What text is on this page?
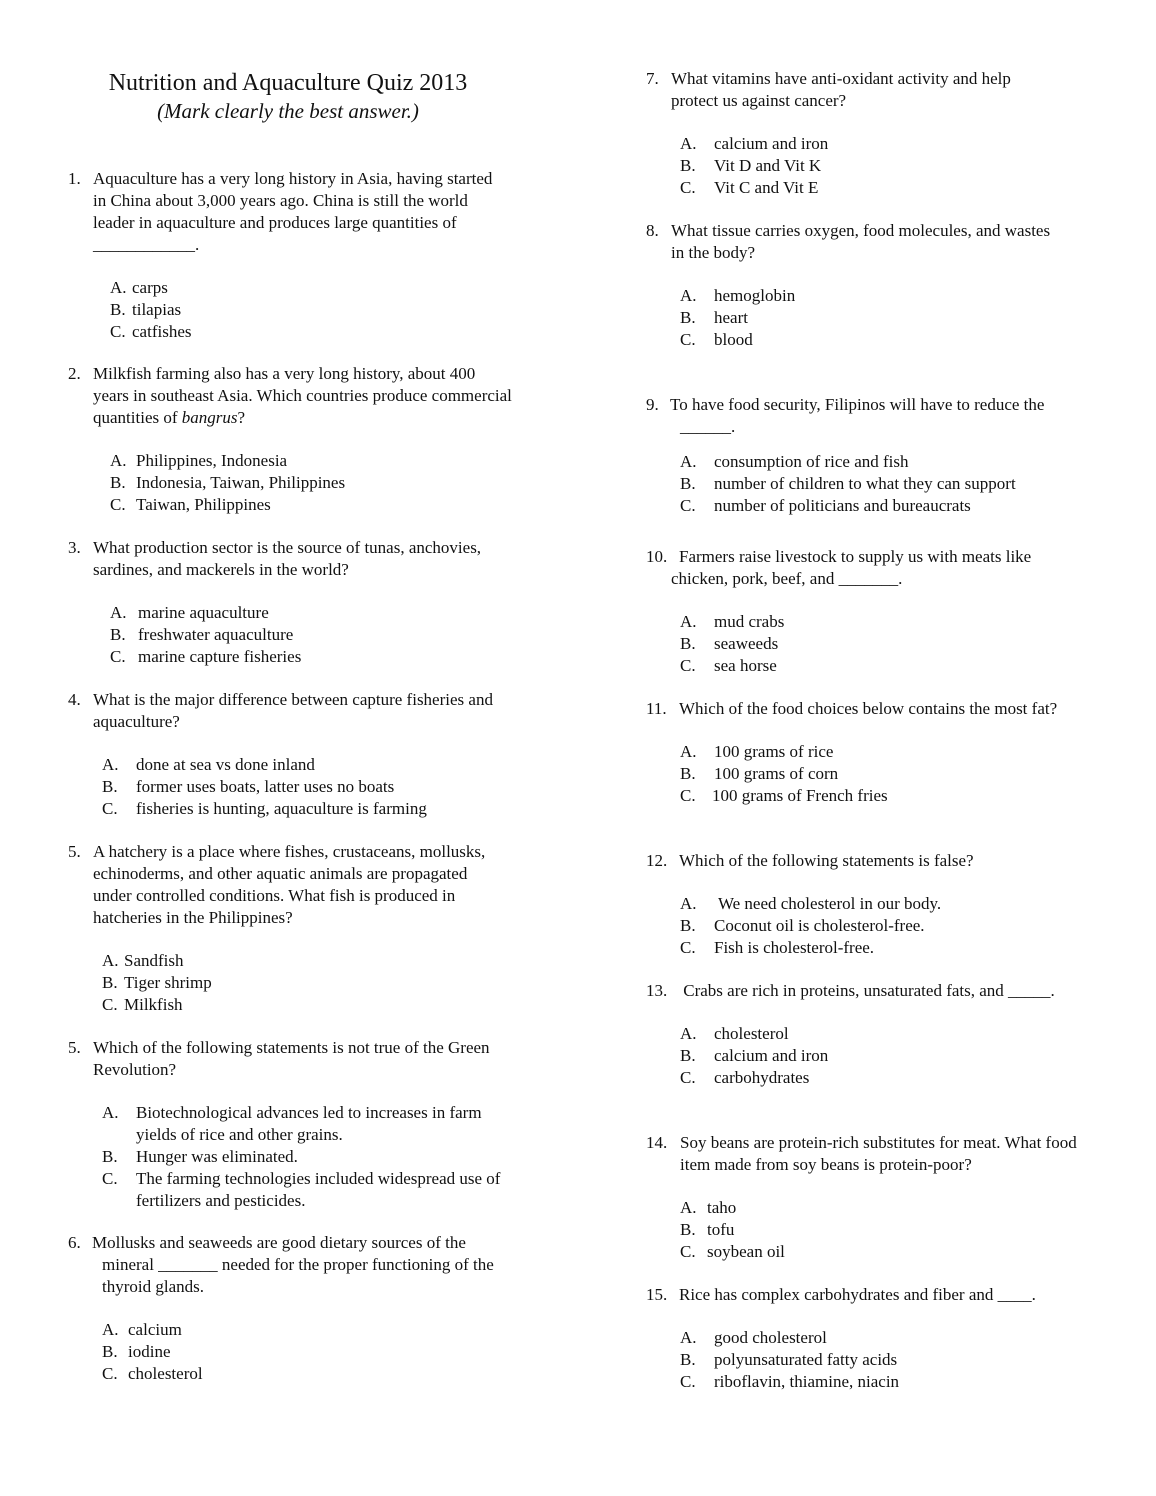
Nutrition and Aquaculture Quiz 2013

(Mark clearly the best answer.)

1. Aquaculture has a very long history in Asia, having started in China about 3,000 years ago. China is still the world leader in aquaculture and produces large quantities of ____________.

A. carps
B. tilapias
C. catfishes

2. Milkfish farming also has a very long history, about 400 years in southeast Asia. Which countries produce commercial quantities of bangrus?

A. Philippines, Indonesia
B. Indonesia, Taiwan, Philippines
C. Taiwan, Philippines

3. What production sector is the source of tunas, anchovies, sardines, and mackerels in the world?

A. marine aquaculture
B. freshwater aquaculture
C. marine capture fisheries

4. What is the major difference between capture fisheries and aquaculture?

A.	done at sea vs done inland
B.	former uses boats, latter uses no boats
C.	fisheries is hunting, aquaculture is farming

5. A hatchery is a place where fishes, crustaceans, mollusks, echinoderms, and other aquatic animals are propagated under controlled conditions. What fish is produced in hatcheries in the Philippines?

A. Sandfish
B. Tiger shrimp
C. Milkfish

5. Which of the following statements is not true of the Green Revolution?

A.	Biotechnological advances led to increases in farm yields of rice and other grains.
B.	Hunger was eliminated.
C.	The farming technologies included widespread use of fertilizers and pesticides.

6. Mollusks and seaweeds are good dietary sources of the mineral _______ needed for the proper functioning of the thyroid glands.

A. calcium
B. iodine
C. cholesterol

7. What vitamins have anti-oxidant activity and help protect us against cancer?

A.	calcium and iron
B.	Vit D and Vit K
C.	Vit C and Vit E

8. What tissue carries oxygen, food molecules, and wastes in the body?

A.	hemoglobin
B.	heart
C.	blood

9. To have food security, Filipinos will have to reduce the ______.

A.	consumption of rice and fish
B.	number of children to what they can support
C.	number of politicians and bureaucrats

10. Farmers raise livestock to supply us with meats like chicken, pork, beef, and _______.

A.	mud crabs
B.	seaweeds
C.	sea horse

11. Which of the food choices below contains the most fat?

A.	100 grams of rice
B.	100 grams of corn
C. 100 grams of French fries

12. Which of the following statements is false?

A.	We need cholesterol in our body.
B.	Coconut oil is cholesterol-free.
C.	Fish is cholesterol-free.

13. Crabs are rich in proteins, unsaturated fats, and _____.

A.	cholesterol
B.	calcium and iron
C.	carbohydrates

14. Soy beans are protein-rich substitutes for meat. What food item made from soy beans is protein-poor?

A. taho
B. tofu
C. soybean oil

15. Rice has complex carbohydrates and fiber and ____.

A.	good cholesterol
B.	polyunsaturated fatty acids
C.	riboflavin, thiamine, niacin
